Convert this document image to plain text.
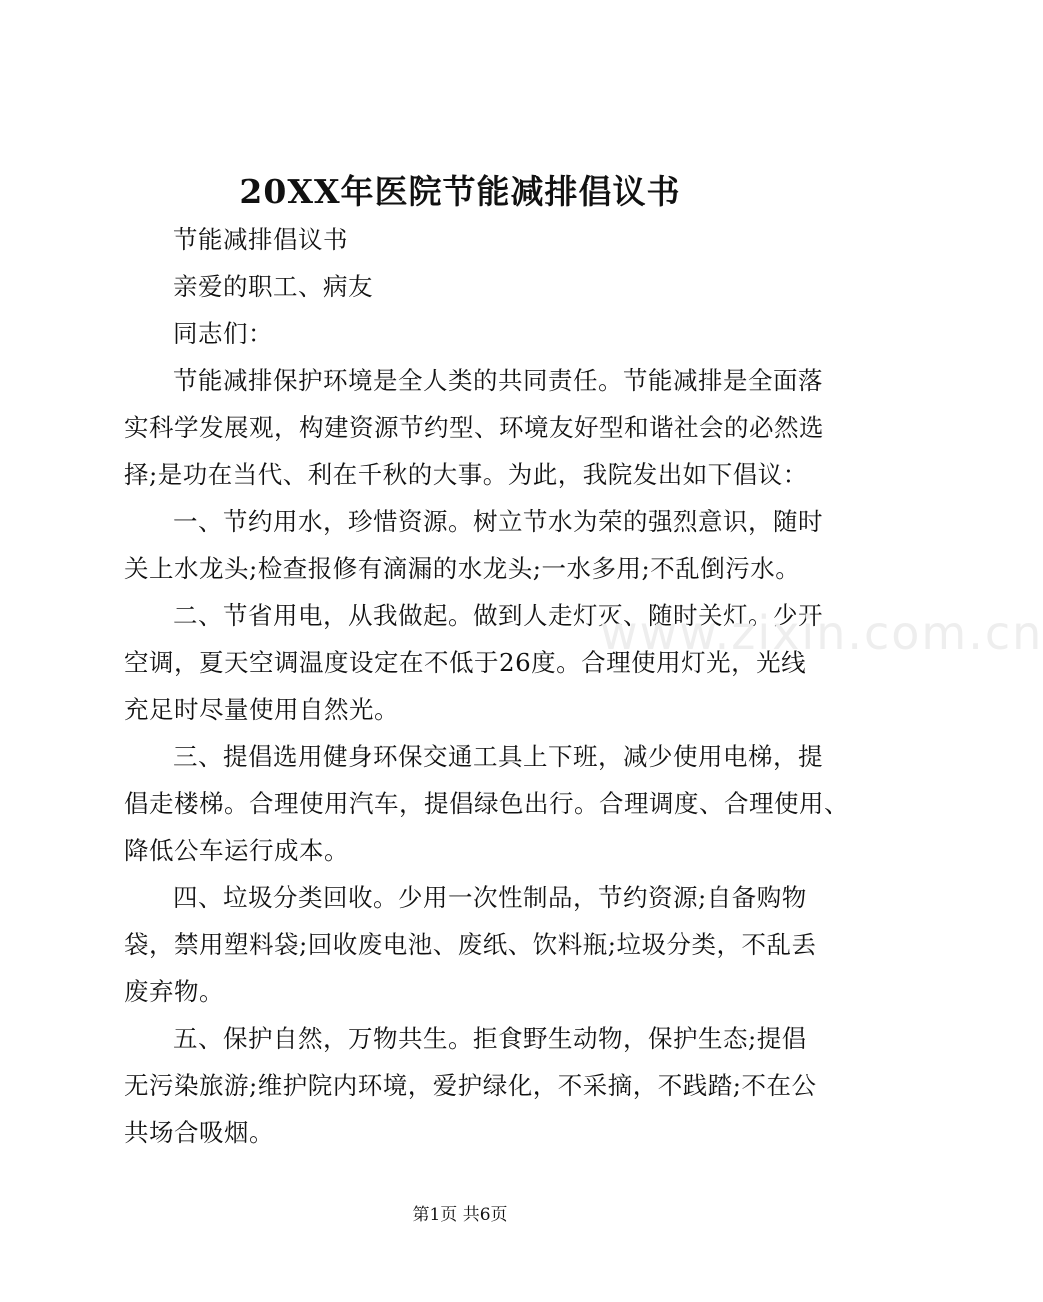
20XX年医院节能减排倡议书
节能减排倡议书
亲爱的职工、病友
同志们：
节能减排保护环境是全人类的共同责任。节能减排是全面落
实科学发展观，构建资源节约型、环境友好型和谐社会的必然选
择;是功在当代、利在千秋的大事。为此，我院发出如下倡议：
一、节约用水，珍惜资源。树立节水为荣的强烈意识，随时
关上水龙头;检查报修有滴漏的水龙头;一水多用;不乱倒污水。
二、节省用电，从我做起。做到人走灯灭、随时关灯。少开
空调，夏天空调温度设定在不低于26度。合理使用灯光，光线
充足时尽量使用自然光。
三、提倡选用健身环保交通工具上下班，减少使用电梯，提
倡走楼梯。合理使用汽车，提倡绿色出行。合理调度、合理使用、
降低公车运行成本。
四、垃圾分类回收。少用一次性制品，节约资源;自备购物
袋，禁用塑料袋;回收废电池、废纸、饮料瓶;垃圾分类，不乱丢
废弃物。
五、保护自然，万物共生。拒食野生动物，保护生态;提倡
无污染旅游;维护院内环境，爱护绿化，不采摘，不践踏;不在公
共场合吸烟。
www.zixin.com.cn
第1页 共6页
